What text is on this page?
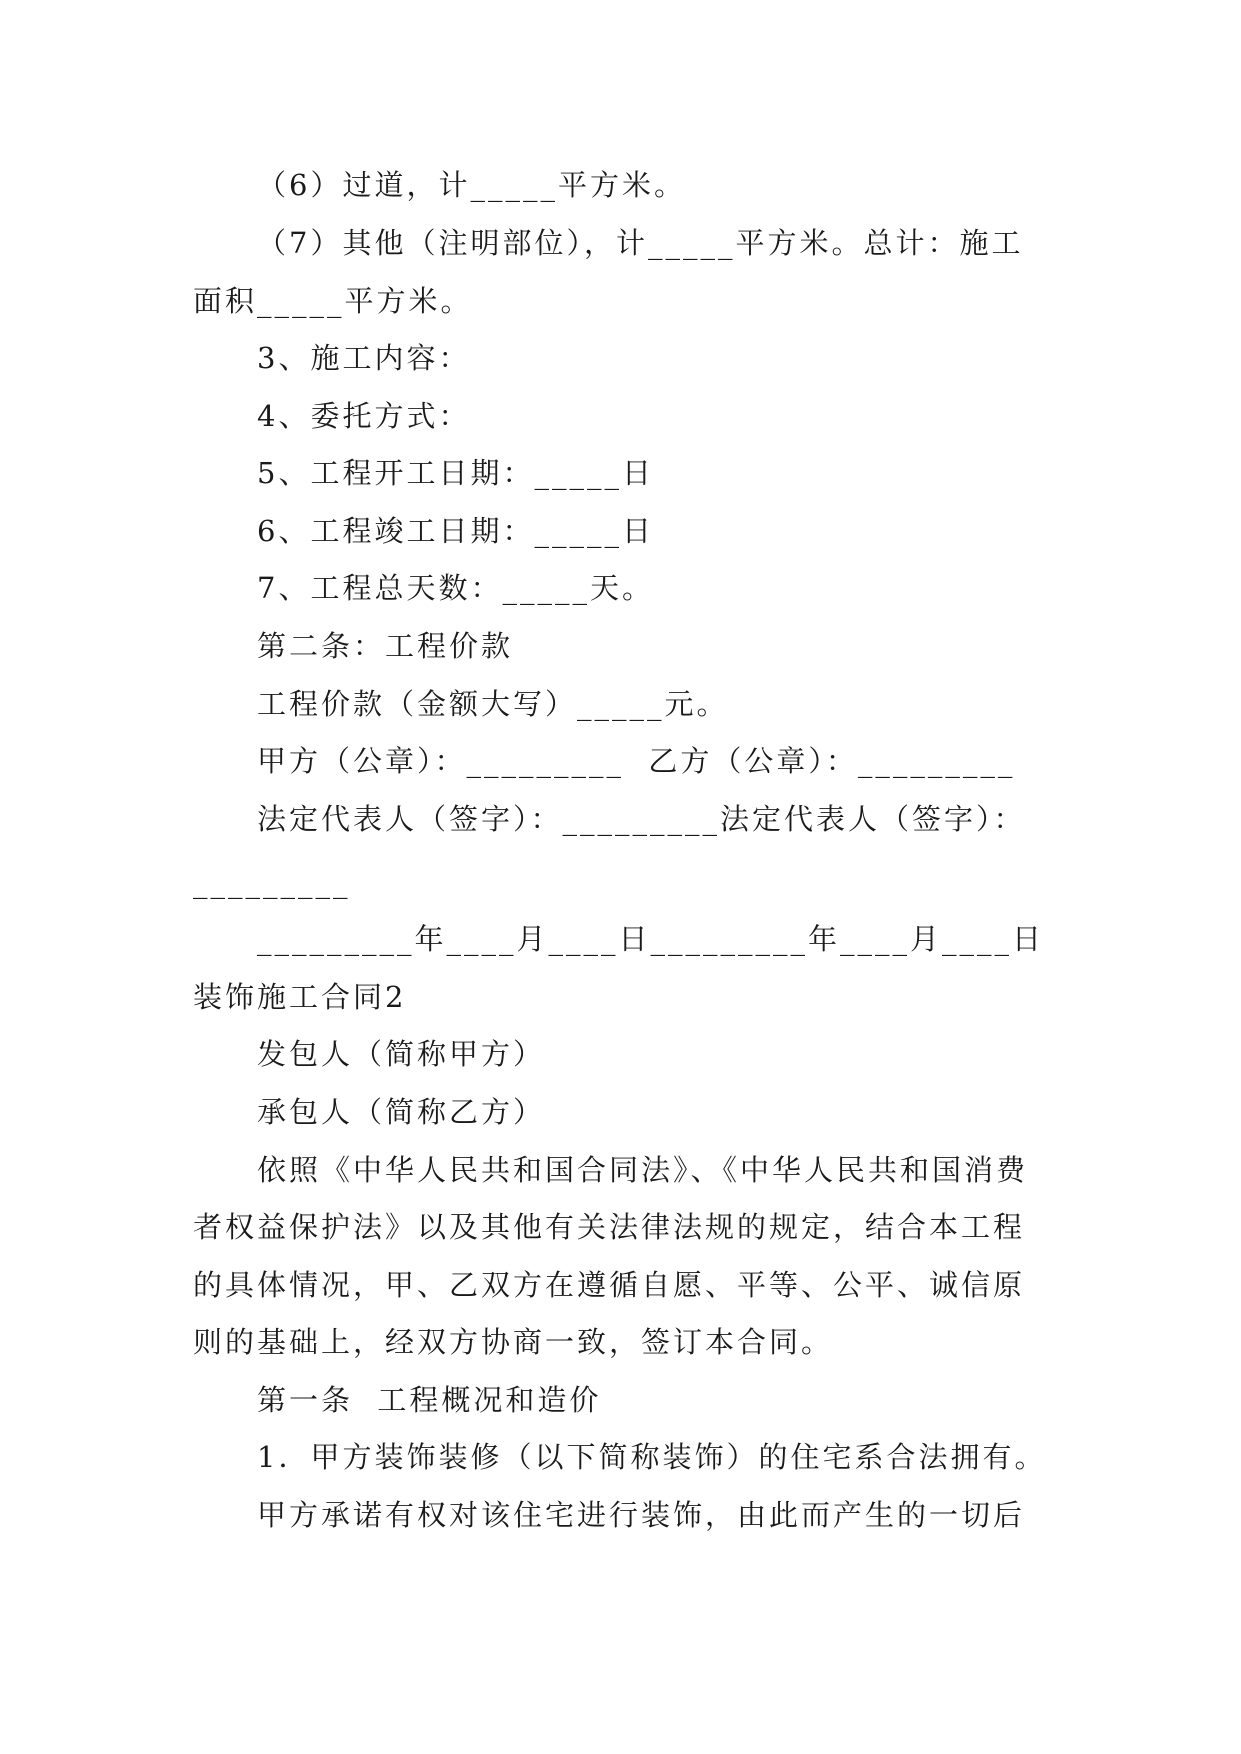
（6）过道，计_____平方米。
（7）其他（注明部位），计_____平方米。总计：施工
面积_____平方米。
3、施工内容：
4、委托方式：
5、工程开工日期：_____日
6、工程竣工日期：_____日
7、工程总天数：_____天。
第二条：工程价款
工程价款（金额大写）_____元。
甲方（公章）：_________  乙方（公章）：_________
法定代表人（签字）：_________法定代表人（签字）：
_________
_________年____月____日_________年____月____日
装饰施工合同2
发包人（简称甲方）
承包人（简称乙方）
依照《中华人民共和国合同法》、《中华人民共和国消费
者权益保护法》以及其他有关法律法规的规定，结合本工程
的具体情况，甲、乙双方在遵循自愿、平等、公平、诚信原
则的基础上，经双方协商一致，签订本合同。
第一条  工程概况和造价
1．甲方装饰装修（以下简称装饰）的住宅系合法拥有。
甲方承诺有权对该住宅进行装饰，由此而产生的一切后
